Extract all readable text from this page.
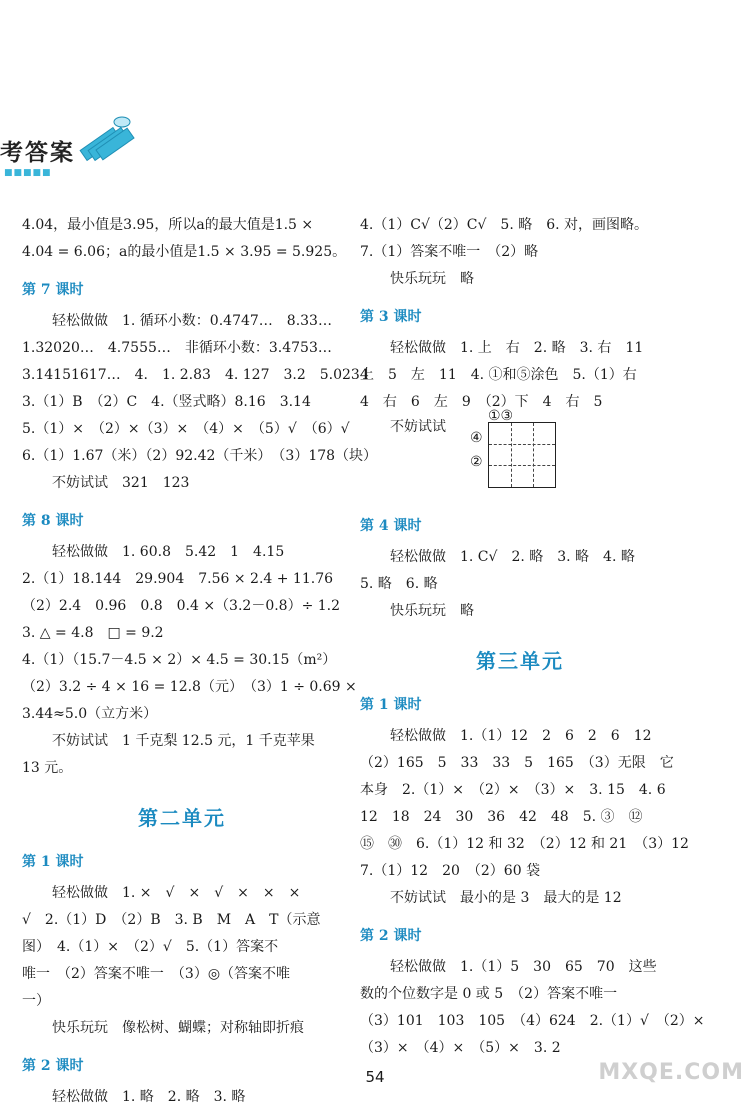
考答案
■■■■■
4.04，最小值是3.95，所以a的最大值是1.5 ×
4.04 = 6.06；a的最小值是1.5 × 3.95 = 5.925。
第 7 课时
轻松做做　1. 循环小数：0.4747…　8.33…
1.32020…　4.7555…　非循环小数：3.4753…
3.14151617…　4.　1. 2.83　4. 127　3.2　5.0234
3.（1）B　（2）C　4.（竖式略）8.16　3.14
5.（1）×　（2）×（3）×　（4）×　（5）√　（6）√
6.（1）1.67（米）（2）92.42（千米）　（3）178（块）
不妨试试　321　123
第 8 课时
轻松做做　1. 60.8　5.42　1　4.15
2.（1）18.144　29.904　7.56 × 2.4 + 11.76
（2）2.4　0.96　0.8　0.4 ×（3.2－0.8）÷ 1.2
3. △ = 4.8　□ = 9.2
4.（1）（15.7－4.5 × 2）× 4.5 = 30.15（m²）
（2）3.2 ÷ 4 × 16 = 12.8（元）　（3）1 ÷ 0.69 ×
3.44≈5.0（立方米）
不妨试试　1 千克梨 12.5 元，1 千克苹果
13 元。
第二单元
第 1 课时
轻松做做　1. ×　√　×　√　×　×　×
√　2.（1）D　（2）B　3. B　M　A　T（示意
图）　4.（1）×　（2）√　5.（1）答案不
唯一　（2）答案不唯一　（3）◎（答案不唯
一）
快乐玩玩　像松树、蝴蝶；对称轴即折痕
第 2 课时
轻松做做　1. 略　2. 略　3. 略
4.（1）C√（2）C√　5. 略　6. 对，画图略。
7.（1）答案不唯一　（2）略
快乐玩玩　略
第 3 课时
轻松做做　1. 上　右　2. 略　3. 右　11
上　5　左　11　4. ①和⑤涂色　5.（1）右
4　右　6　左　9　（2）下　4　右　5
不妨试试
①③
④
②
第 4 课时
轻松做做　1. C√　2. 略　3. 略　4. 略
5. 略　6. 略
快乐玩玩　略
第三单元
第 1 课时
轻松做做　1.（1）12　2　6　2　6　12
（2）165　5　33　33　5　165　（3）无限　它
本身　2.（1）×　（2）×　（3）×　3. 15　4. 6
12　18　24　30　36　42　48　5. ③　⑫
⑮　㉚　6.（1）12 和 32　（2）12 和 21　（3）12
7.（1）12　20　（2）60 袋
不妨试试　最小的是 3　最大的是 12
第 2 课时
轻松做做　1.（1）5　30　65　70　这些
数的个位数字是 0 或 5　（2）答案不唯一
（3）101　103　105　（4）624　2.（1）√　（2）×
（3）×　（4）×　（5）×　3. 2
54	MXQE.COM
